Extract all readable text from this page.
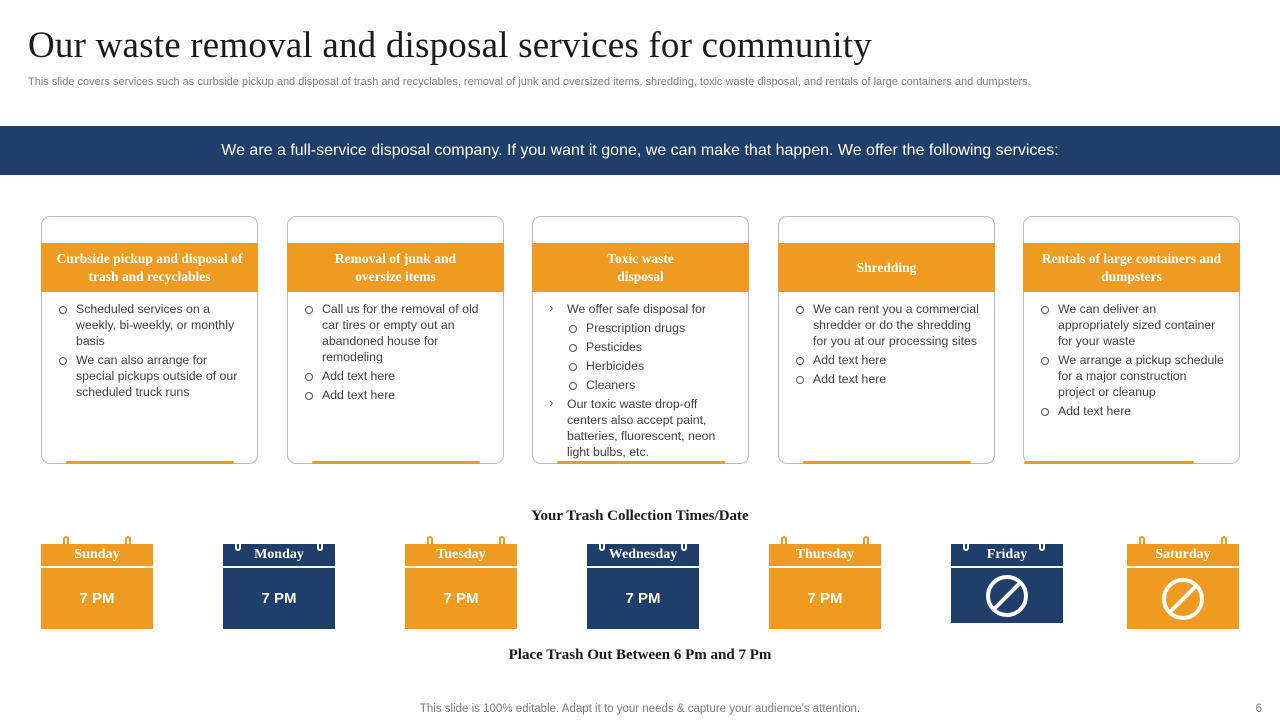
Our waste removal and disposal services for community
This slide covers services such as curbside pickup and disposal of trash and recyclables, removal of junk and oversized items, shredding, toxic waste disposal, and rentals of large containers and dumpsters.
We are a full-service disposal company. If you want it gone, we can make that happen. We offer the following services:
Curbside pickup and disposal of trash and recyclables
Scheduled services on a weekly, bi-weekly, or monthly basis
We can also arrange for special pickups outside of our scheduled truck runs
Removal of junk and oversize items
Call us for the removal of old car tires or empty out an abandoned house for remodeling
Add text here
Add text here
Toxic waste disposal
› We offer safe disposal for
Prescription drugs
Pesticides
Herbicides
Cleaners
› Our toxic waste drop-off centers also accept paint, batteries, fluorescent, neon light bulbs, etc.
Shredding
We can rent you a commercial shredder or do the shredding for you at our processing sites
Add text here
Add text here
Rentals of large containers and dumpsters
We can deliver an appropriately sized container for your waste
We arrange a pickup schedule for a major construction project or cleanup
Add text here
Your Trash Collection Times/Date
Sunday
7 PM
Monday
7 PM
Tuesday
7 PM
Wednesday
7 PM
Thursday
7 PM
Friday	Saturday
Place Trash Out Between 6 Pm and 7 Pm
This slide is 100% editable. Adapt it to your needs & capture your audience’s attention.	6
